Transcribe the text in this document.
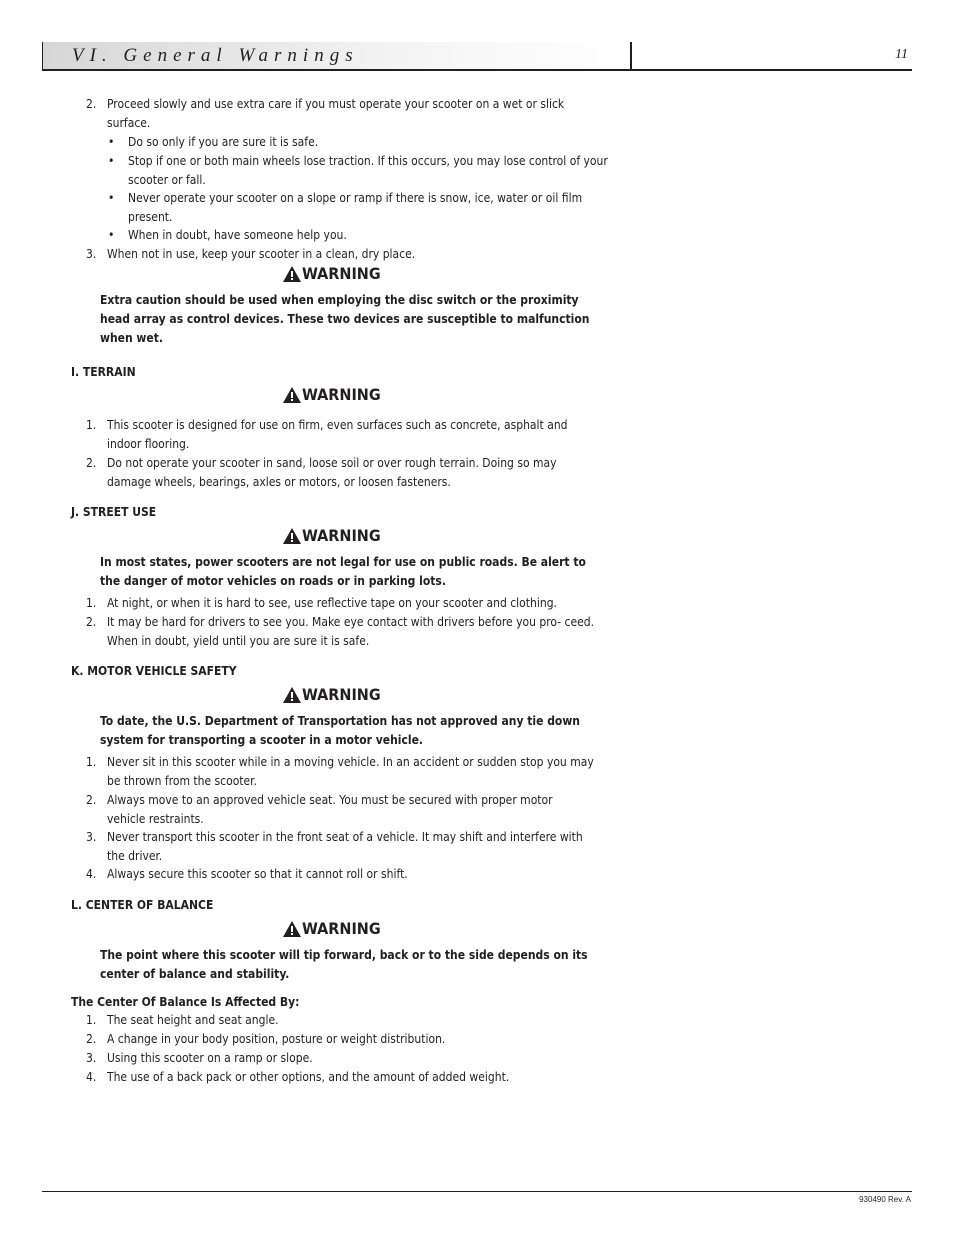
VI. General Warnings	11
2. Proceed slowly and use extra care if you must operate your scooter on a wet or slick surface.
• Do so only if you are sure it is safe.
• Stop if one or both main wheels lose traction. If this occurs, you may lose control of your scooter or fall.
• Never operate your scooter on a slope or ramp if there is snow, ice, water or oil film present.
• When in doubt, have someone help you.
3. When not in use, keep your scooter in a clean, dry place.
WARNING
Extra caution should be used when employing the disc switch or the proximity head array as control devices. These two devices are susceptible to malfunction when wet.
I. TERRAIN
WARNING
1. This scooter is designed for use on firm, even surfaces such as concrete, asphalt and indoor flooring.
2. Do not operate your scooter in sand, loose soil or over rough terrain. Doing so may damage wheels, bearings, axles or motors, or loosen fasteners.
J. STREET USE
WARNING
In most states, power scooters are not legal for use on public roads. Be alert to the danger of motor vehicles on roads or in parking lots.
1. At night, or when it is hard to see, use reflective tape on your scooter and clothing.
2. It may be hard for drivers to see you. Make eye contact with drivers before you pro- ceed. When in doubt, yield until you are sure it is safe.
K. MOTOR VEHICLE SAFETY
WARNING
To date, the U.S. Department of Transportation has not approved any tie down system for transporting a scooter in a motor vehicle.
1. Never sit in this scooter while in a moving vehicle. In an accident or sudden stop you may be thrown from the scooter.
2. Always move to an approved vehicle seat. You must be secured with proper motor vehicle restraints.
3. Never transport this scooter in the front seat of a vehicle. It may shift and interfere with the driver.
4. Always secure this scooter so that it cannot roll or shift.
L. CENTER OF BALANCE
WARNING
The point where this scooter will tip forward, back or to the side depends on its center of balance and stability.
The Center Of Balance Is Affected By:
1. The seat height and seat angle.
2. A change in your body position, posture or weight distribution.
3. Using this scooter on a ramp or slope.
4. The use of a back pack or other options, and the amount of added weight.
930490 Rev. A
